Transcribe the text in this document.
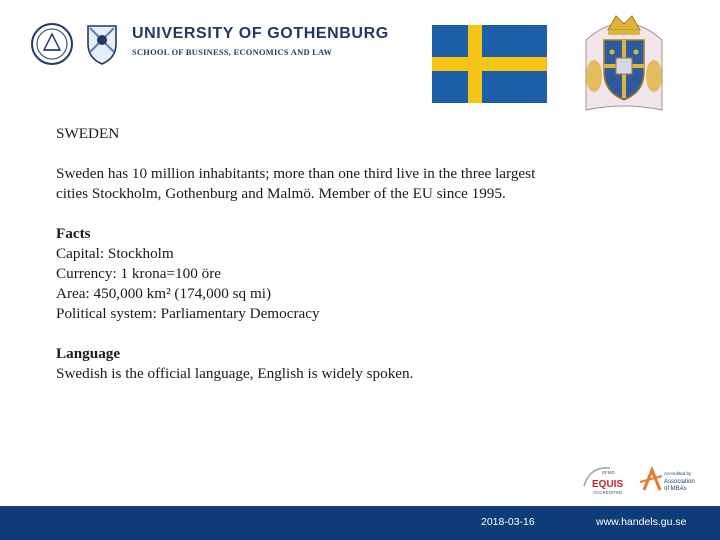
UNIVERSITY OF GOTHENBURG
SCHOOL OF BUSINESS, ECONOMICS AND LAW
SWEDEN
Sweden has 10 million inhabitants; more than one third live in the three largest
cities Stockholm, Gothenburg and Malmö. Member of the EU since 1995.
Facts
Capital: Stockholm
Currency: 1 krona=100 öre
Area: 450,000 km² (174,000 sq mi)
Political system: Parliamentary Democracy
Language
Swedish is the official language, English is widely spoken.
EFMD
EQUIS
ACCREDITED
Accredited by
Association
of MBAs
2018-03-16	www.handels.gu.se
